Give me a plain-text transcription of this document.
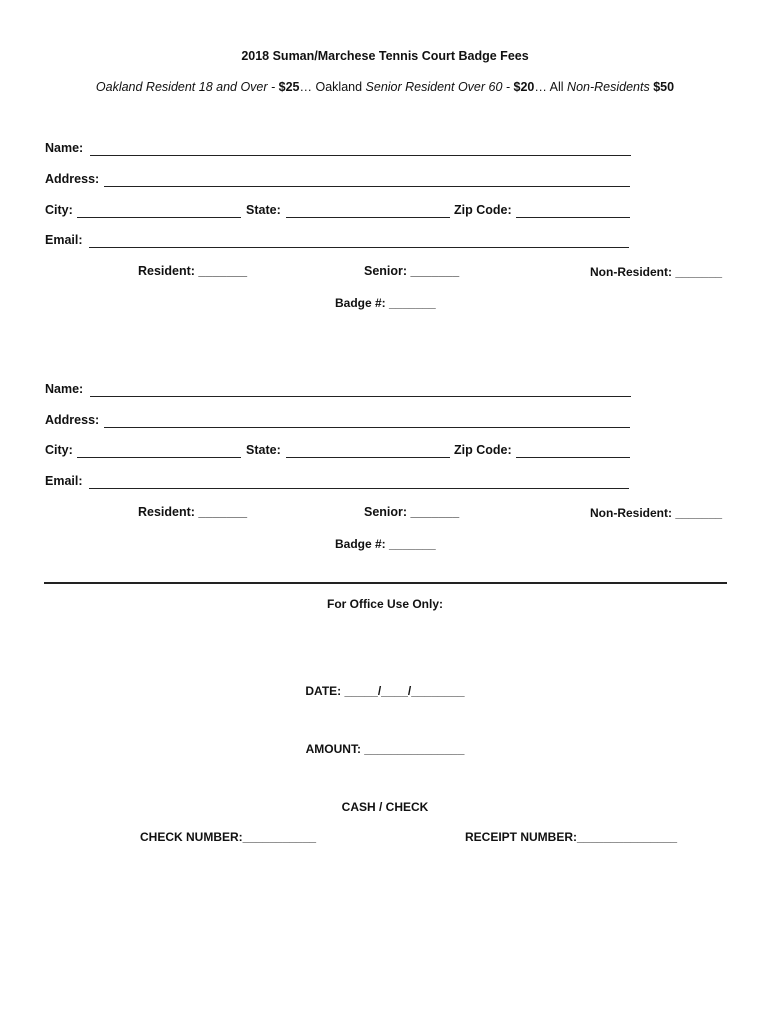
2018 Suman/Marchese Tennis Court Badge Fees
Oakland Resident 18 and Over - $25… Oakland Senior Resident Over 60 - $20… All Non-Residents $50
Name:
Address:
City:	State:	Zip Code:
Email:
Resident: _______	Senior: _______	Non-Resident: _______
Badge #: _______
Name:
Address:
City:	State:	Zip Code:
Email:
Resident: _______	Senior: _______	Non-Resident: _______
Badge #: _______
For Office Use Only:
DATE: _____/____/________
AMOUNT: _______________
CASH / CHECK
CHECK NUMBER:___________	RECEIPT NUMBER:_______________
